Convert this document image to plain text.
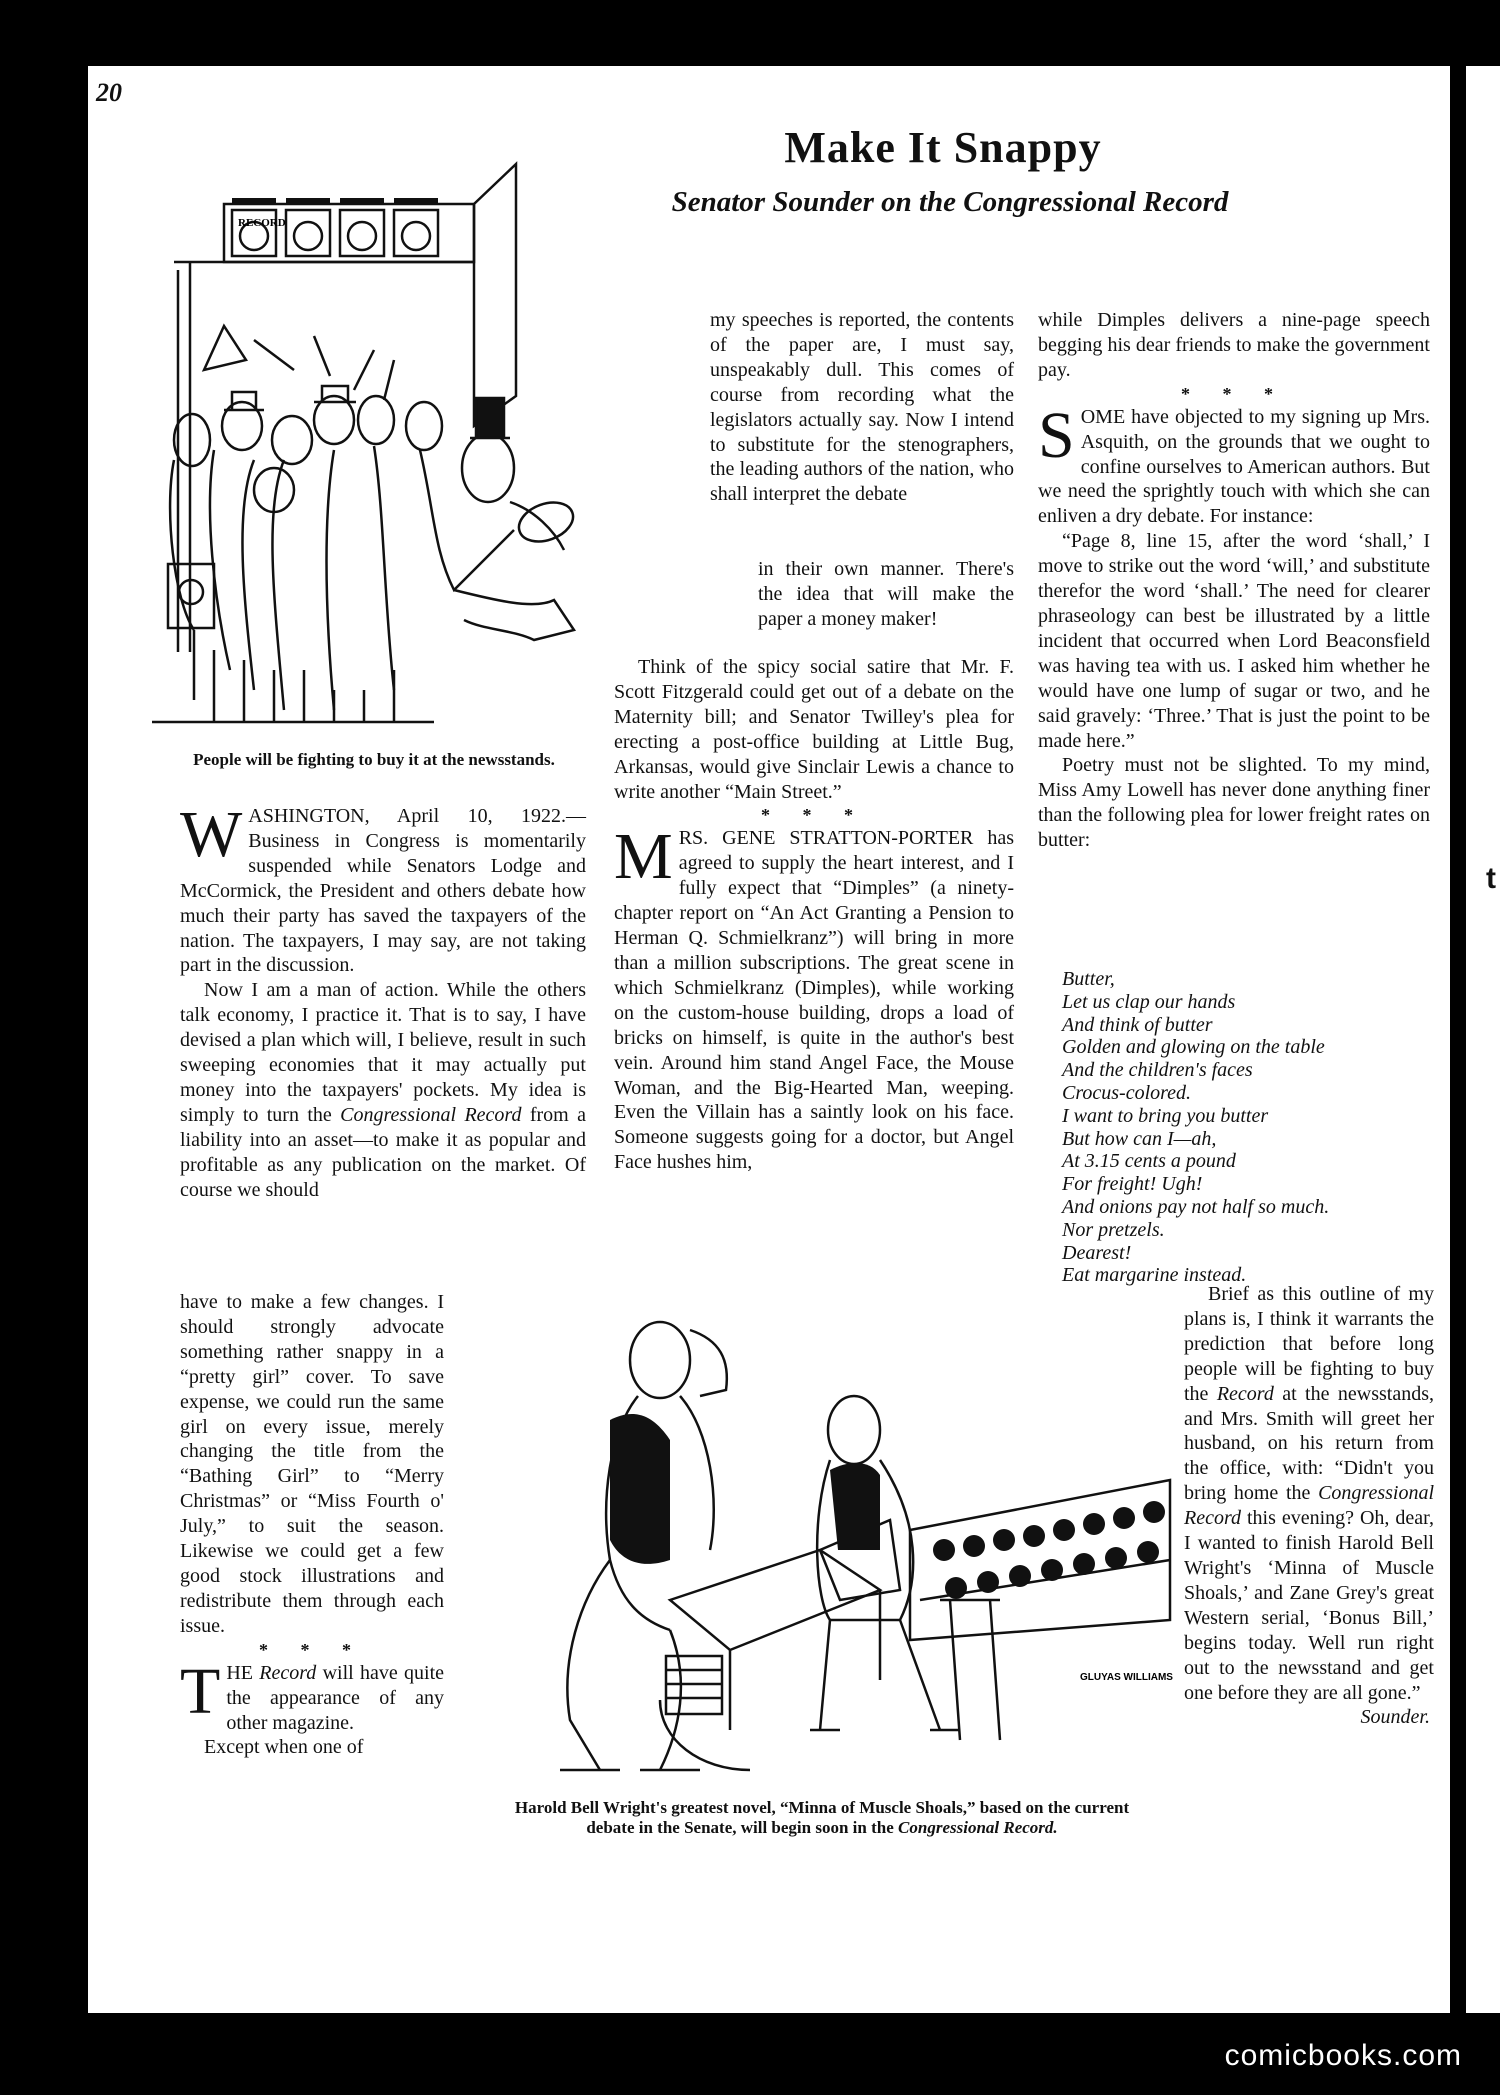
t
20
Make It Snappy
Senator Sounder on the Congressional Record
RECORD
People will be fighting to buy it at the newsstands.

WASHINGTON, April 10, 1922.—Business in Congress is momentarily suspended while Senators Lodge and McCormick, the President and others debate how much their party has saved the taxpayers of the nation. The taxpayers, I may say, are not taking part in the discussion.

Now I am a man of action. While the others talk economy, I practice it. That is to say, I have devised a plan which will, I believe, result in such sweeping economies that it may actually put money into the taxpayers' pockets. My idea is simply to turn the Congressional Record from a liability into an asset—to make it as popular and profitable as any publication on the market. Of course we should

have to make a few changes. I should strongly advocate something rather snappy in a “pretty girl” cover. To save expense, we could run the same girl on every issue, merely changing the title from the “Bathing Girl” to “Merry Christmas” or “Miss Fourth o' July,” to suit the season. Likewise we could get a few good stock illustrations and redistribute them through each issue.

* * *

THE Record will have quite the appearance of any other magazine.

Except when one of

my speeches is reported, the contents of the paper are, I must say, unspeakably dull. This comes of course from recording what the legislators actually say. Now I intend to substitute for the stenographers, the leading authors of the nation, who shall interpret the debate

in their own manner. There's the idea that will make the paper a money maker!

Think of the spicy social satire that Mr. F. Scott Fitzgerald could get out of a debate on the Maternity bill; and Senator Twilley's plea for erecting a post-office building at Little Bug, Arkansas, would give Sinclair Lewis a chance to write another “Main Street.”

* * *

MRS. GENE STRATTON-PORTER has agreed to supply the heart interest, and I fully expect that “Dimples” (a ninety-chapter report on “An Act Granting a Pension to Herman Q. Schmielkranz”) will bring in more than a million subscriptions. The great scene in which Schmielkranz (Dimples), while working on the custom-house building, drops a load of bricks on himself, is quite in the author's best vein. Around him stand Angel Face, the Mouse Woman, and the Big-Hearted Man, weeping. Even the Villain has a saintly look on his face. Someone suggests going for a doctor, but Angel Face hushes him,

while Dimples delivers a nine-page speech begging his dear friends to make the government pay.

* * *

SOME have objected to my signing up Mrs. Asquith, on the grounds that we ought to confine ourselves to American authors. But we need the sprightly touch with which she can enliven a dry debate. For instance:

“Page 8, line 15, after the word ‘shall,’ I move to strike out the word ‘will,’ and substitute therefor the word ‘shall.’ The need for clearer phraseology can best be illustrated by a little incident that occurred when Lord Beaconsfield was having tea with us. I asked him whether he would have one lump of sugar or two, and he said gravely: ‘Three.’ That is just the point to be made here.”

Poetry must not be slighted. To my mind, Miss Amy Lowell has never done anything finer than the following plea for lower freight rates on butter:

Butter,
Let us clap our hands
And think of butter
Golden and glowing on the table
And the children's faces
Crocus-colored.
I want to bring you butter
But how can I—ah,
At 3.15 cents a pound
For freight! Ugh!
And onions pay not half so much.
Nor pretzels.
Dearest!
Eat margarine instead.

Brief as this outline of my plans is, I think it warrants the prediction that before long people will be fighting to buy the Record at the newsstands, and Mrs. Smith will greet her husband, on his return from the office, with: “Didn't you bring home the Congressional Record this evening? Oh, dear, I wanted to finish Harold Bell Wright's ‘Minna of Muscle Shoals,’ and Zane Grey's great Western serial, ‘Bonus Bill,’ begins today. Well run right out to the newsstand and get one before they are all gone.”

Sounder.
GLUYAS WILLIAMS
Harold Bell Wright's greatest novel, “Minna of Muscle Shoals,” based on the current debate in the Senate, will begin soon in the Congressional Record.
comicbooks.com
